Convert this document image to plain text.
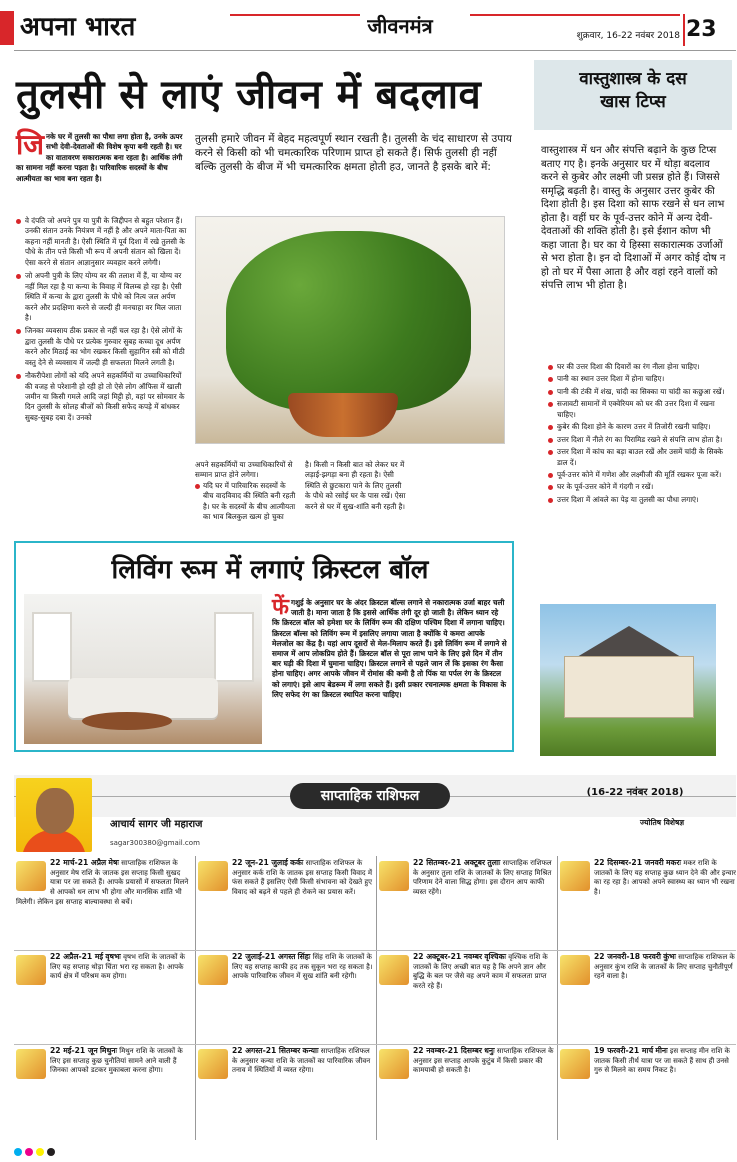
अपना भारत	जीवनमंत्र	शुक्रवार, 16-22 नवंबर 2018 23
तुलसी से लाएं जीवन में बदलाव
जि नके घर में तुलसी का पौधा लगा होता है, उनके ऊपर सभी देवी-देवताओं की विशेष कृपा बनी रहती है। घर का वातावरण सकारात्मक बना रहता है। आर्थिक तंगी का सामना नहीं करना पड़ता है। पारिवारिक सदस्यों के बीच आत्मीयता का भाव बना रहता है।
वे दंपति जो अपने पुत्र या पुत्री के जिद्दीपन से बहुत परेशान हैं। उनकी संतान उनके नियंत्रण में नहीं है और अपने माता-पिता का कहना नहीं मानती है। ऐसी स्थिति में पूर्व दिशा में रखे तुलसी के पौधे के तीन पत्ते किसी भी रूप में अपनी संतान को खिला दें। ऐसा करने से संतान आज्ञानुसार व्यवहार करने लगेगी।
जो अपनी पुत्री के लिए योग्य वर की तलाश में हैं, या योग्य वर नहीं मिल रहा है या कन्या के विवाह में विलम्ब हो रहा है। ऐसी स्थिति में कन्या के द्वारा तुलसी के पौधे को नित्य जल अर्पण करने और प्रदक्षिणा करने से जल्दी ही मनचाहा वर मिल जाता है।
जिनका व्यवसाय ठीक प्रकार से नहीं चल रहा है। ऐसे लोगों के द्वारा तुलसी के पौधे पर प्रत्येक गुरुवार सुबह कच्चा दूध अर्पण करने और मिठाई का भोग रखकर किसी सुहागिन स्त्री को मीठी वस्तु देने से व्यवसाय में जल्दी ही सफलता मिलने लगती है।
नौकरीपेशा लोगों को यदि अपने सहकर्मियों या उच्चाधिकारियों की वजह से परेशानी हो रही हो तो ऐसे लोग ऑफिस में खाली जमीन या किसी गमले आदि जहां मिट्टी हो, वहां पर सोमवार के दिन तुलसी के सोलह बीजों को किसी सफेद कपड़े में बांधकर सुबह-सुबह दबा दें। उनको
तुलसी हमारे जीवन में बेहद महत्वपूर्ण स्थान रखती है। तुलसी के चंद साधारण से उपाय करने से किसी को भी चमत्कारिक परिणाम प्राप्त हो सकते हैं। सिर्फ तुलसी ही नहीं बल्कि तुलसी के बीज में भी चमत्कारिक क्षमता होती हउ, जानते है इसके बारे में:

अपने सहकर्मियों या उच्चाधिकारियों से सम्मान प्राप्त होने लगेगा।

यदि घर में पारिवारिक सदस्यों के बीच वादविवाद की स्थिति बनी रहती है। घर के सदस्यों के बीच आत्मीयता का भाव बिलकुल खत्म हो चुका

है। किसी न किसी बात को लेकर घर में लड़ाई-झगड़ा बना ही रहता है। ऐसी स्थिति से छुटकारा पाने के लिए तुलसी के पौधे को रसोई घर के पास रखें। ऐसा करने से घर में सुख-शांति बनी रहती है।

वास्तुशास्त्र के दस
खास टिप्स
वास्तुशास्त्र में धन और संपत्ति बढ़ाने के कुछ टिप्स बताए गए है। इनके अनुसार घर में थोड़ा बदलाव करने से कुबेर और लक्ष्मी जी प्रसन्न होते हैं। जिससे समृद्धि बढ़ती है। वास्तु के अनुसार उत्तर कुबेर की दिशा होती है। इस दिशा को साफ रखने से धन लाभ होता है। वहीं घर के पूर्व-उत्तर कोने में अन्य देवी-देवताओं की शक्ति होती है। इसे ईशान कोण भी कहा जाता है। घर का ये हिस्सा सकारात्मक उर्जाओं से भरा होता है। इन दो दिशाओं में अगर कोई दोष न हो तो घर में पैसा आता है और वहां रहने वालों को संपत्ति लाभ भी होता है।
घर की उत्तर दिशा की दिवारों का रंग नीला होना चाहिए।
पानी का स्थान उत्तर दिशा में होना चाहिए।
पानी की टंकी में शंख, चांदी का सिक्का या चांदी का कछुआ रखें।
सजावटी सामानों में एक्वेरियम को घर की उत्तर दिशा में रखना चाहिए।
कुबेर की दिशा होने के कारण उत्तर में तिजोरी रखनी चाहिए।
उत्तर दिशा में नीले रंग का पिरामिड रखने से संपत्ति लाभ होता है।
उत्तर दिशा में कांच का बड़ा बाउल रखें और उसमें चांदी के सिक्के डाल दें।
पूर्व-उत्तर कोने में गणेश और लक्ष्मीजी की मूर्ति रखकर पूजा करें।
घर के पूर्व-उत्तर कोने में गंदगी न रखें।
उत्तर दिशा में आंवले का पेड़ या तुलसी का पौधा लगाएं।
लिविंग रूम में लगाएं क्रिस्टल बॉल
फें गशुई के अनुसार घर के अंदर क्रिस्टल बॉल्स लगाने से नकारात्मक उर्जा बाहर चली जाती है। माना जाता है कि इससे आर्थिक तंगी दूर हो जाती है। लेकिन ध्यान रहे कि क्रिस्टल बॉल को हमेशा घर के लिविंग रूम की दक्षिण पश्चिम दिशा में लगाना चाहिए। क्रिस्टल बॉल्स को लिविंग रूम में इसलिए लगाया जाता है क्योंकि ये कमरा आपके मेलजोल का केंद्र है। यहां आप दूसरों से मेल-मिलाप करते हैं। इसे लिविंग रूम में लगाने से समाज में आप लोकप्रिय होते हैं। क्रिस्टल बॉल से पूरा लाभ पाने के लिए इसे दिन में तीन बार घड़ी की दिशा में घुमाना चाहिए। क्रिस्टल लगाने से पहले जान लें कि इसका रंग कैसा होना चाहिए। अगर आपके जीवन में रोमांस की कमी है तो पिंक या पर्पल रंग के क्रिस्टल को लगाएं। इसे आप बेडरूम में लगा सकते हैं। इसी प्रकार रचनात्मक क्षमता के विकास के लिए सफेद रंग का क्रिस्टल स्थापित करना चाहिए।
साप्ताहिक राशिफल	(16-22 नवंबर 2018)
आचार्य सागर जी महाराज
sagar300380@gmail.com
ज्योतिष विशेषज्ञ
22 मार्च-21 अप्रैल मेषः साप्ताहिक राशिफल के अनुसार मेष राशि के जातक इस सप्ताह किसी सुखद यात्रा पर जा सकते हैं। आपके प्रयासों में सफलता मिलने से आपको धन लाभ भी होगा और मानसिक शांति भी मिलेगी। लेकिन इस सप्ताह बाल्यावस्था से बचें।
22 जून-21 जुलाई कर्कः साप्ताहिक राशिफल के अनुसार कर्क राशि के जातक इस सप्ताह किसी विवाद में फंस सकते हैं इसलिए ऐसी किसी संभावना को देखते हुए विवाद को बढ़ने से पहले ही रोकने का प्रयास करें।
22 सितम्बर-21 अक्टूबर तुलाः साप्ताहिक राशिफल के अनुसार तुला राशि के जातकों के लिए सप्ताह मिश्रित परिणाम देने वाला सिद्ध होगा। इस दौरान आप काफी व्यस्त रहेंगे।
22 दिसम्बर-21 जनवरी मकरः मकर राशि के जातकों के लिए यह सप्ताह कुछ ध्यान देने की और इन्वार का रह रहा है। आपको अपने स्वास्थ्य का ध्यान भी रखना है।
22 अप्रैल-21 मई वृषभः वृषभ राशि के जातकों के लिए यह सप्ताह थोड़ा चिंता भरा रह सकता है। आपके कार्य क्षेत्र में परिश्रम कम होगा।
22 जुलाई-21 अगस्त सिंहः सिंह राशि के जातकों के लिए यह सप्ताह काफी हद तक सुकून भरा रह सकता है। आपके पारिवारिक जीवन में सुख शांति बनी रहेगी।
22 अक्टूबर-21 नवम्बर वृश्चिकः वृश्चिक राशि के जातकों के लिए अच्छी बात यह है कि अपने ज्ञान और बुद्धि के बल पर जैसे वह अपने काम में सफलता प्राप्त करते रहे हैं।
22 जनवरी-18 फरवरी कुंभः साप्ताहिक राशिफल के अनुसार कुंभ राशि के जातकों के लिए सप्ताह चुनौतीपूर्ण रहने वाला है।
22 मई-21 जून मिथुनः मिथुन राशि के जातकों के लिए इस सप्ताह कुछ चुनौतियां सामने आने वाली हैं जिनका आपको डटकर मुकाबला करना होगा।
22 अगस्त-21 सितम्बर कन्याः साप्ताहिक राशिफल के अनुसार कन्या राशि के जातकों का पारिवारिक जीवन तनाव में स्थितियों में व्यस्त रहेगा।
22 नवम्बर-21 दिसम्बर धनुः साप्ताहिक राशिफल के अनुसार इस सप्ताह आपके कुटुंब में किसी प्रकार की कामयाबी हो सकती है।
19 फरवरी-21 मार्च मीनः इस सप्ताह मीन राशि के जातक किसी तीर्थ यात्रा पर जा सकते हैं साथ ही उनसे गुरु से मिलने का समय निकट है।
